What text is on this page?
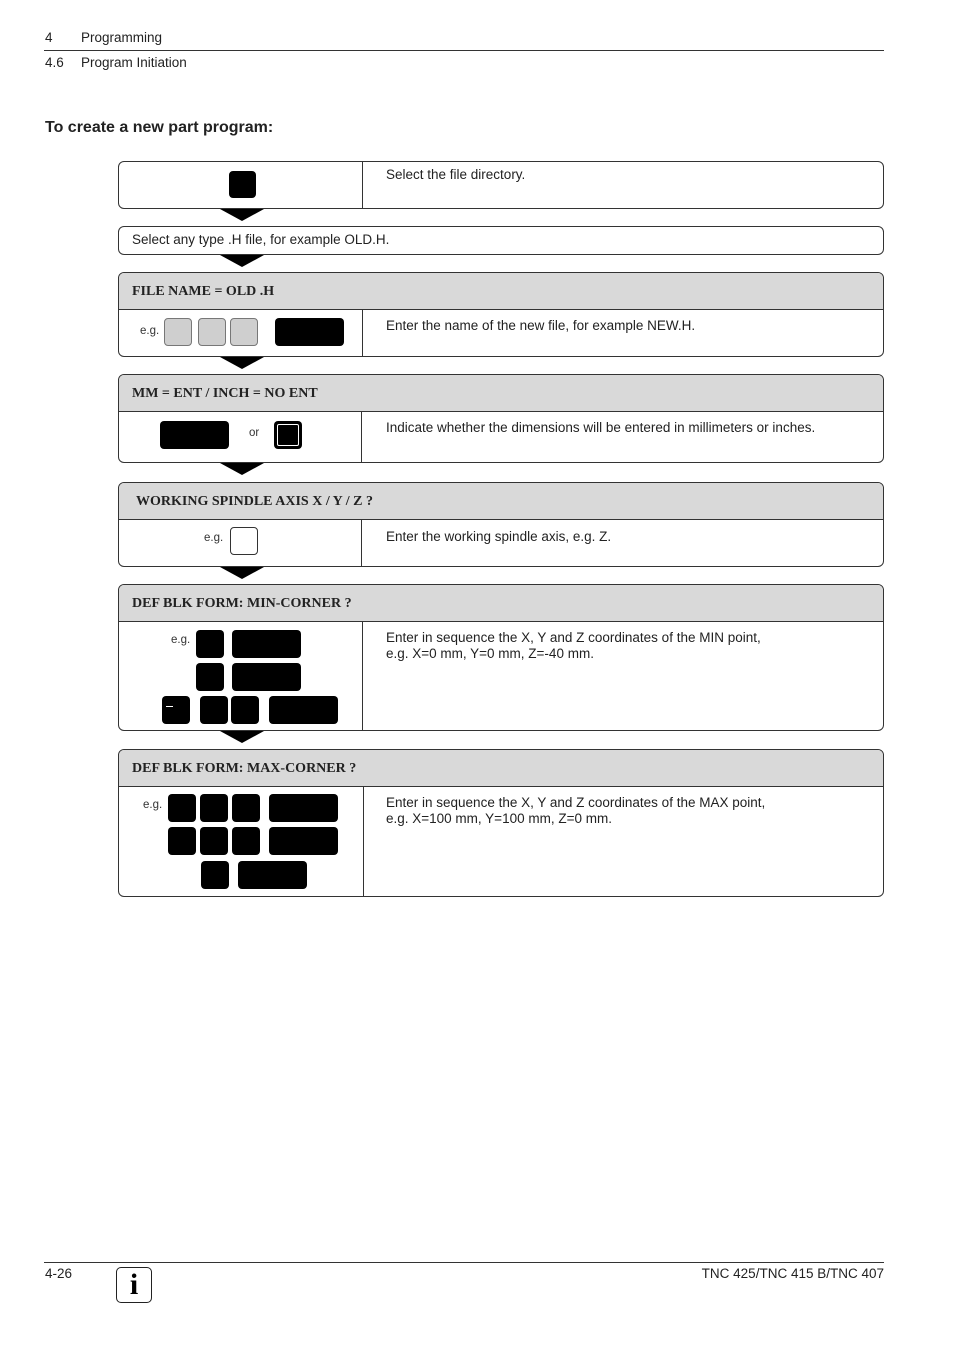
4 Programming
4.6 Program Initiation
To create a new part program:
Select the file directory.
Select any type .H file, for example OLD.H.
FILE NAME = OLD .H
e.g.	Enter the name of the new file, for example NEW.H.
MM = ENT / INCH = NO ENT
or	Indicate whether the dimensions will be entered in millimeters or inches.
WORKING SPINDLE AXIS X / Y / Z ?
e.g.	Enter the working spindle axis, e.g. Z.
DEF BLK FORM: MIN-CORNER ?
e.g.	Enter in sequence the X, Y and Z coordinates of the MIN point,
e.g. X=0 mm, Y=0 mm, Z=-40 mm.
DEF BLK FORM: MAX-CORNER ?
e.g.	Enter in sequence the X, Y and Z coordinates of the MAX point,
e.g. X=100 mm, Y=100 mm, Z=0 mm.
4-26	i	TNC 425/TNC 415 B/TNC 407
